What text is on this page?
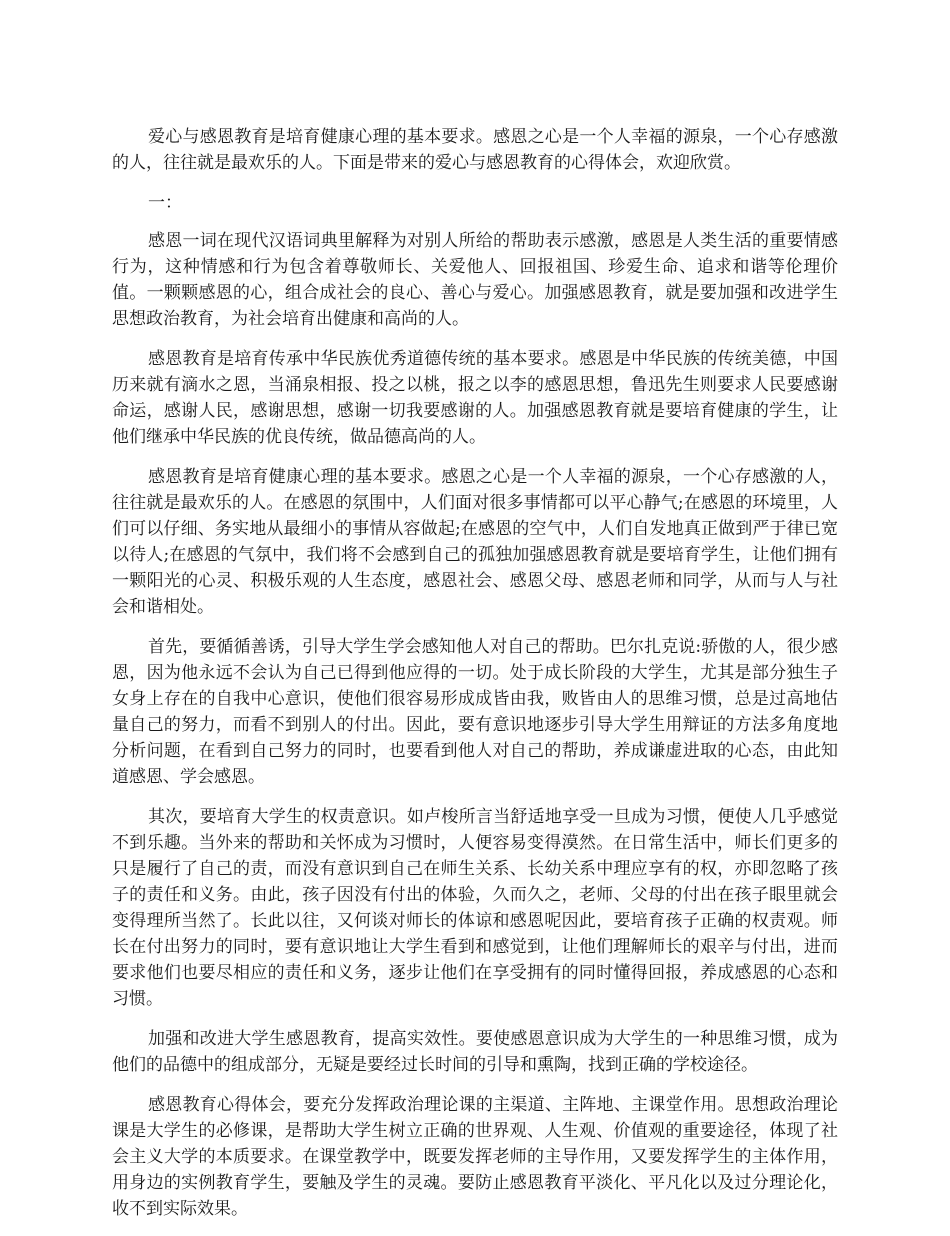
爱心与感恩教育是培育健康心理的基本要求。感恩之心是一个人幸福的源泉，一个心存感激的人，往往就是最欢乐的人。下面是带来的爱心与感恩教育的心得体会，欢迎欣赏。

一：

感恩一词在现代汉语词典里解释为对别人所给的帮助表示感激，感恩是人类生活的重要情感行为，这种情感和行为包含着尊敬师长、关爱他人、回报祖国、珍爱生命、追求和谐等伦理价值。一颗颗感恩的心，组合成社会的良心、善心与爱心。加强感恩教育，就是要加强和改进学生思想政治教育，为社会培育出健康和高尚的人。

感恩教育是培育传承中华民族优秀道德传统的基本要求。感恩是中华民族的传统美德，中国历来就有滴水之恩，当涌泉相报、投之以桃，报之以李的感恩思想，鲁迅先生则要求人民要感谢命运，感谢人民，感谢思想，感谢一切我要感谢的人。加强感恩教育就是要培育健康的学生，让他们继承中华民族的优良传统，做品德高尚的人。

感恩教育是培育健康心理的基本要求。感恩之心是一个人幸福的源泉，一个心存感激的人，往往就是最欢乐的人。在感恩的氛围中，人们面对很多事情都可以平心静气;在感恩的环境里，人们可以仔细、务实地从最细小的事情从容做起;在感恩的空气中，人们自发地真正做到严于律已宽以待人;在感恩的气氛中，我们将不会感到自己的孤独加强感恩教育就是要培育学生，让他们拥有一颗阳光的心灵、积极乐观的人生态度，感恩社会、感恩父母、感恩老师和同学，从而与人与社会和谐相处。

首先，要循循善诱，引导大学生学会感知他人对自己的帮助。巴尔扎克说:骄傲的人，很少感恩，因为他永远不会认为自己已得到他应得的一切。处于成长阶段的大学生，尤其是部分独生子女身上存在的自我中心意识，使他们很容易形成成皆由我，败皆由人的思维习惯，总是过高地估量自己的努力，而看不到别人的付出。因此，要有意识地逐步引导大学生用辩证的方法多角度地分析问题，在看到自己努力的同时，也要看到他人对自己的帮助，养成谦虚进取的心态，由此知道感恩、学会感恩。

其次，要培育大学生的权责意识。如卢梭所言当舒适地享受一旦成为习惯，便使人几乎感觉不到乐趣。当外来的帮助和关怀成为习惯时，人便容易变得漠然。在日常生活中，师长们更多的只是履行了自己的责，而没有意识到自己在师生关系、长幼关系中理应享有的权，亦即忽略了孩子的责任和义务。由此，孩子因没有付出的体验，久而久之，老师、父母的付出在孩子眼里就会变得理所当然了。长此以往，又何谈对师长的体谅和感恩呢因此，要培育孩子正确的权责观。师长在付出努力的同时，要有意识地让大学生看到和感觉到，让他们理解师长的艰辛与付出，进而要求他们也要尽相应的责任和义务，逐步让他们在享受拥有的同时懂得回报，养成感恩的心态和习惯。

加强和改进大学生感恩教育，提高实效性。要使感恩意识成为大学生的一种思维习惯，成为他们的品德中的组成部分，无疑是要经过长时间的引导和熏陶，找到正确的学校途径。

感恩教育心得体会，要充分发挥政治理论课的主渠道、主阵地、主课堂作用。思想政治理论课是大学生的必修课，是帮助大学生树立正确的世界观、人生观、价值观的重要途径，体现了社会主义大学的本质要求。在课堂教学中，既要发挥老师的主导作用，又要发挥学生的主体作用，用身边的实例教育学生，要触及学生的灵魂。要防止感恩教育平淡化、平凡化以及过分理论化，收不到实际效果。
